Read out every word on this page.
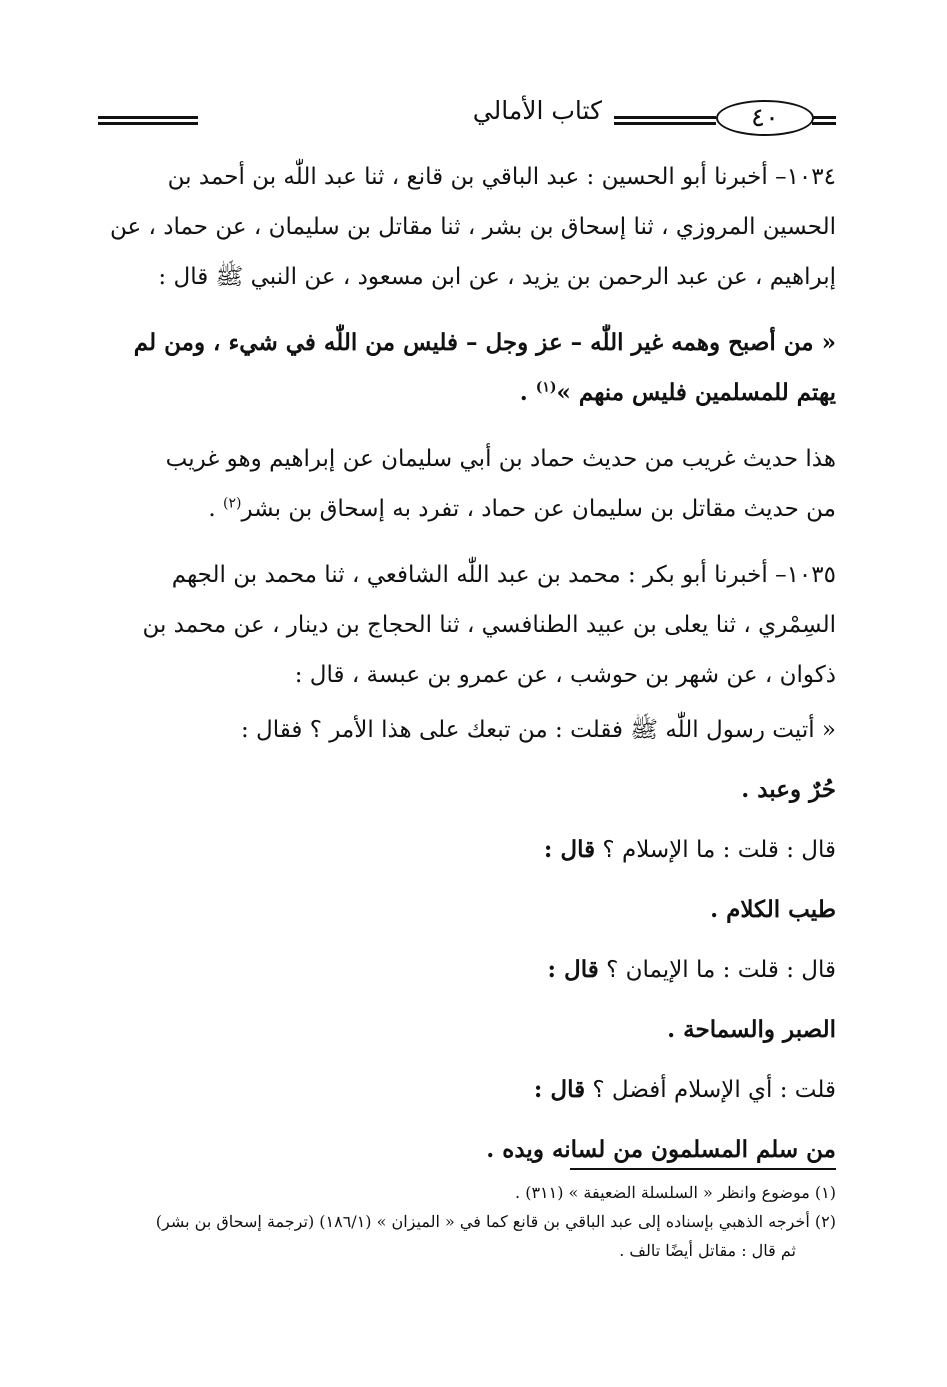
٤٠
كتاب الأمالي

١٠٣٤– أخبرنا أبو الحسين : عبد الباقي بن قانع ، ثنا عبد اللّٰه بن أحمد بن

الحسين المروزي ، ثنا إسحاق بن بشر ، ثنا مقاتل بن سليمان ، عن حماد ، عن

إبراهيم ، عن عبد الرحمن بن يزيد ، عن ابن مسعود ، عن النبي ﷺ قال :

« من أصبح وهمه غير اللّٰه – عز وجل – فليس من اللّٰه في شيء ، ومن لم

يهتم للمسلمين فليس منهم »$^{(١)}$ .

هذا حديث غريب من حديث حماد بن أبي سليمان عن إبراهيم وهو غريب

من حديث مقاتل بن سليمان عن حماد ، تفرد به إسحاق بن بشر$^{(٢)}$ .

١٠٣٥– أخبرنا أبو بكر : محمد بن عبد اللّٰه الشافعي ، ثنا محمد بن الجهم

السِمْري ، ثنا يعلى بن عبيد الطنافسي ، ثنا الحجاج بن دينار ، عن محمد بن

ذكوان ، عن شهر بن حوشب ، عن عمرو بن عبسة ، قال :

« أتيت رسول اللّٰه ﷺ فقلت : من تبعك على هذا الأمر ؟ فقال :

حُرٌ وعبد .

قال : قلت : ما الإسلام ؟ قال :

طيب الكلام .

قال : قلت : ما الإيمان ؟ قال :

الصبر والسماحة .

قلت : أي الإسلام أفضل ؟ قال :

من سلم المسلمون من لسانه ويده .

(١) موضوع وانظر « السلسلة الضعيفة » (٣١١) .

(٢) أخرجه الذهبي بإسناده إلى عبد الباقي بن قانع كما في « الميزان » (١٨٦/١) (ترجمة إسحاق بن بشر)

ثم قال : مقاتل أيضًا تالف .
